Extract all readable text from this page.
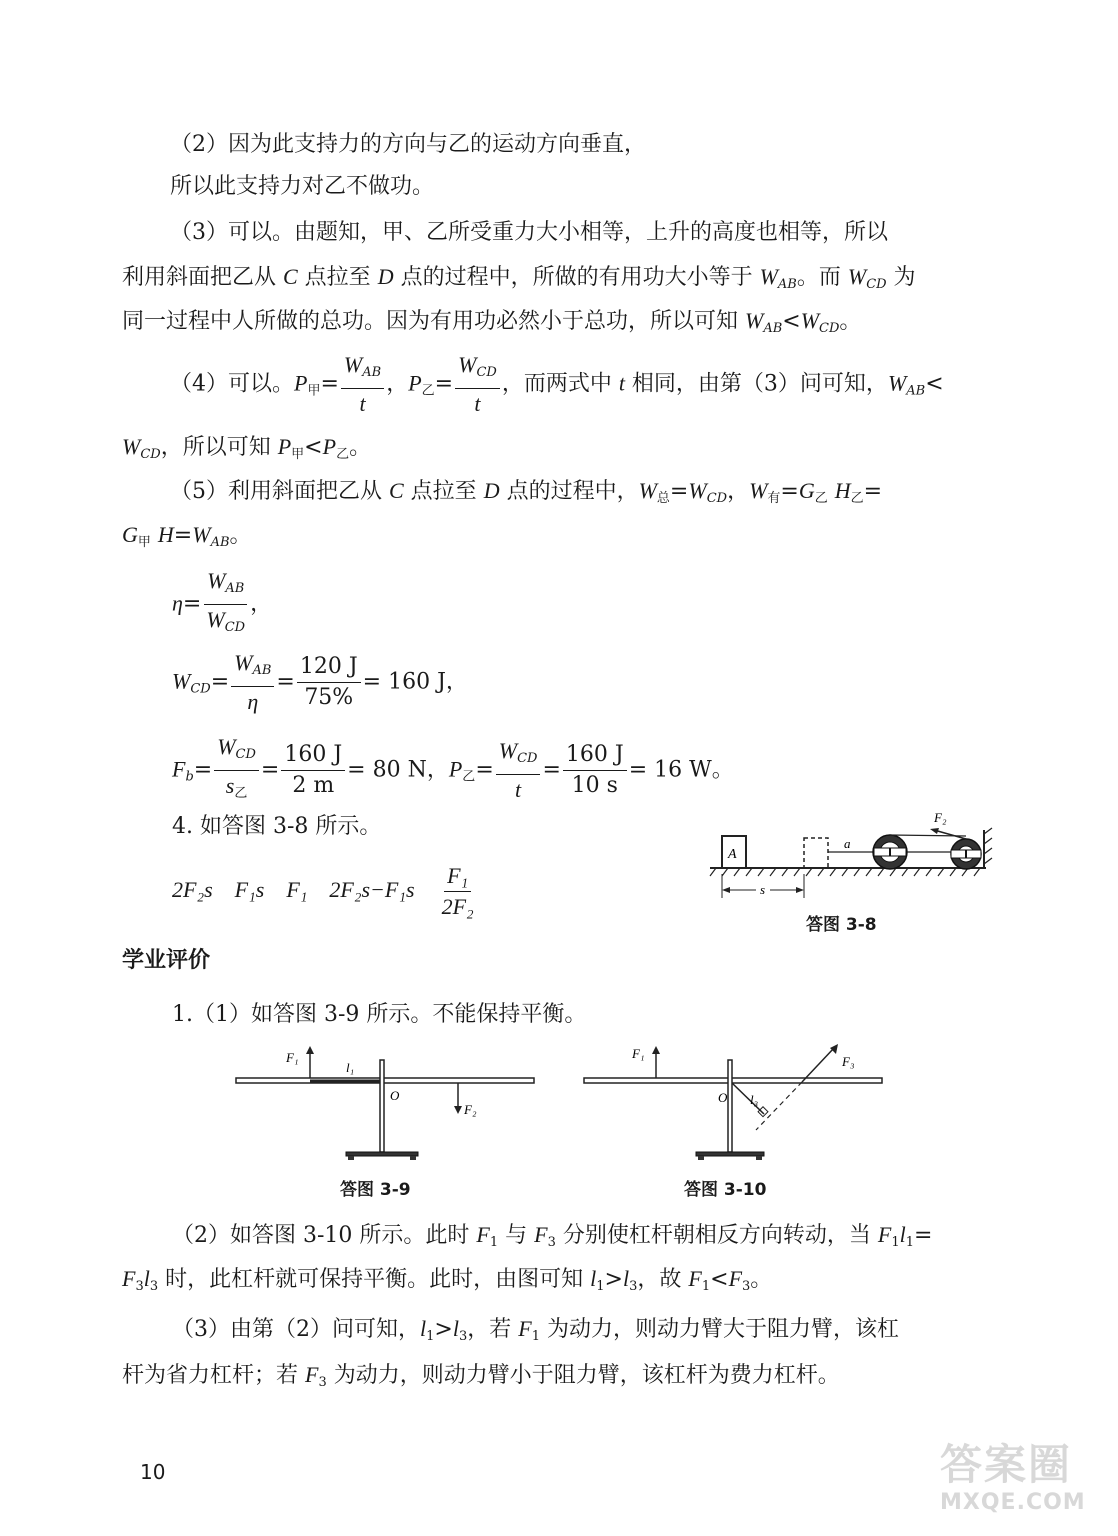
（2）因为此支持力的方向与乙的运动方向垂直，
所以此支持力对乙不做功。
（3）可以。由题知，甲、乙所受重力大小相等，上升的高度也相等，所以
利用斜面把乙从 C 点拉至 D 点的过程中，所做的有用功大小等于 $W_{AB}$。而 $W_{CD}$ 为
同一过程中人所做的总功。因为有用功必然小于总功，所以可知 $W_{AB}<W_{CD}$。
（4）可以。P甲= $\frac{W_{AB}}{t}$ ，P乙= $\frac{W_{CD}}{t}$ ，而两式中 t 相同，由第（3）问可知，$W_{AB}<$
$W_{CD}$，所以可知 P甲<P乙。
（5）利用斜面把乙从 C 点拉至 D 点的过程中，W总$=W_{CD}$，W有=G乙 H乙=
G甲 $H=W_{AB}$。
$\eta= \frac{W_{AB}}{W_{CD}}$ ，
$W_{CD}= \frac{W_{AB}}{\eta} = \frac{120 J}{75\%} = 160$ J，
$F_b= \frac{W_{CD}}{\text{s乙}} = \frac{160 J}{2 m} = 80$ N，P乙= $\frac{W_{CD}}{t} = \frac{160 J}{10 s} = 16$ W。
4. 如答图 3-8 所示。
2F₂s F₁s F₁ $2F_2s-F_1s \frac{\text{F₁}}{\text{2F₂}}$
A
a
F₂
s
答图 3-8
学业评价
1.（1）如答图 3-9 所示。不能保持平衡。
F₁
l₁
O
F₂
答图 3-9
F₁
F₃
l₃
O
答图 3-10
（2）如答图 3-10 所示。此时 F1 与 F3 分别使杠杆朝相反方向转动，当 F1l1=
F3l3 时，此杠杆就可保持平衡。此时，由图可知 l1>l3，故 F1<F3。
（3）由第（2）问可知，l1>l3，若 F1 为动力，则动力臂大于阻力臂，该杠
杆为省力杠杆；若 F3 为动力，则动力臂小于阻力臂，该杠杆为费力杠杆。
10	答案圈
MXQE.COM
